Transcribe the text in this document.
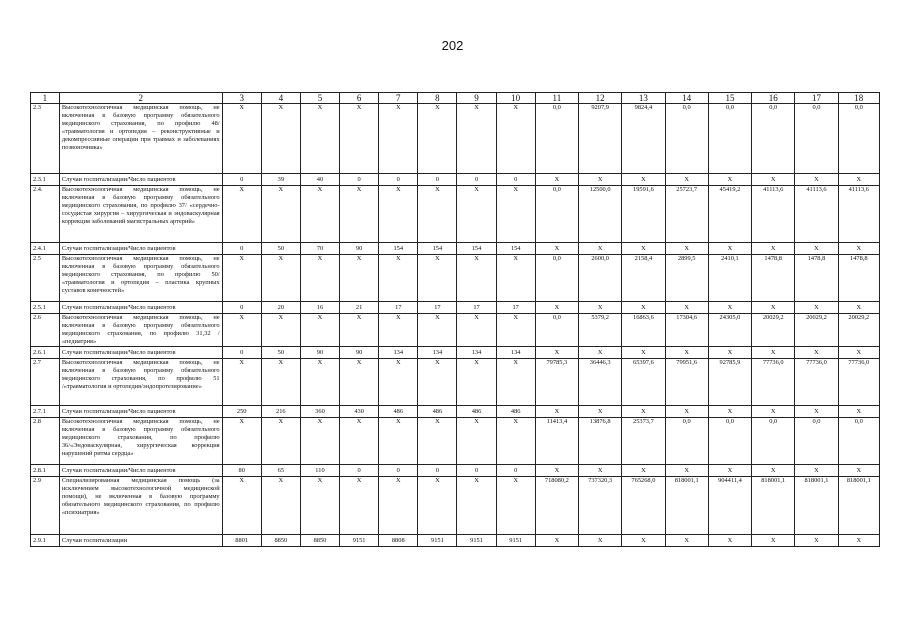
202
1	2	3	4	5	6	7	8	9	10	11	12	13	14	15	16	17	18
2.3	Высокотехнологичная медицинская помощь, не включенная в базовую программу обязательного медицинского страхования, по профилю 48/ «травматология и ортопедия – реконструктивные и декомпрессивные операции при травмах и заболеваниях позвоночника»	X	X	X	X	X	X	X	X	0,0	9207,9	9824,4	0,0	0,0	0,0	0,0	0,0
2.3.1	Случаи госпитализации/Число пациентов	0	39	40	0	0	0	0	0	X	X	X	X	X	X	X	X
2.4.	Высокотехнологичная медицинская помощь, не включенная в базовую программу обязательного медицинского страхования, по профилю 37/ «сердечно-сосудистая хирургия – хирургическая и эндоваскулярная коррекция заболеваний магистральных артерий»	X	X	X	X	X	X	X	X	0,0	12500,0	19591,6	25723,7	45419,2	41113,6	41113,6	41113,6
2.4.1	Случаи госпитализации/Число пациентов	0	50	70	90	154	154	154	154	X	X	X	X	X	X	X	X
2.5	Высокотехнологичная медицинская помощь, не включенная в базовую программу обязательного медицинского страхования, по профилю 50/ «травматология и ортопедия – пластика крупных суставов конечностей»	X	X	X	X	X	X	X	X	0,0	2600,0	2158,4	2899,5	2410,1	1478,8	1478,8	1478,8
2.5.1	Случаи госпитализации/Число пациентов	0	20	16	21	17	17	17	17	X	X	X	X	X	X	X	X
2.6	Высокотехнологичная медицинская помощь, не включенная в базовую программу обязательного медицинского страхования, по профилю 31,32 / «педиатрия»	X	X	X	X	X	X	X	X	0,0	5379,2	16863,6	17304,6	24305,0	20029,2	20029,2	20029,2
2.6.1	Случаи госпитализации/Число пациентов	0	50	90	90	134	134	134	134	X	X	X	X	X	X	X	X
2.7	Высокотехнологичная медицинская помощь, не включенная в базовую программу обязательного медицинского страхования, по профилю 51 /«травматология и ортопедия/эндопротезирование»	X	X	X	X	X	X	X	X	79785,3	36446,3	65397,6	79951,6	92785,9	77736,0	77736,0	77736,0
2.7.1	Случаи госпитализации/Число пациентов	250	216	360	430	486	486	486	486	X	X	X	X	X	X	X	X
2.8	Высокотехнологичная медицинская помощь, не включенная в базовую программу обязательного медицинского страхования, по профилю 36/«Эндоваскулярная, хирургическая коррекция нарушений ритма сердца»	X	X	X	X	X	X	X	X	11413,4	13876,8	25373,7	0,0	0,0	0,0	0,0	0,0
2.8.1	Случаи госпитализации/Число пациентов	80	65	110	0	0	0	0	0	X	X	X	X	X	X	X	X
2.9	Специализированная медицинская помощь (за исключением высокотехнологичной медицинской помощи), не включенная в базовую программу обязательного медицинского страхования, по профилю «психиатрия»	X	X	X	X	X	X	X	X	718080,2	737320,3	765268,0	818001,1	904411,4	818001,1	818001,1	818001,1
2.9.1	Случаи госпитализации	8801	8850	8850	9151	8808	9151	9151	9151	X	X	X	X	X	X	X	X
